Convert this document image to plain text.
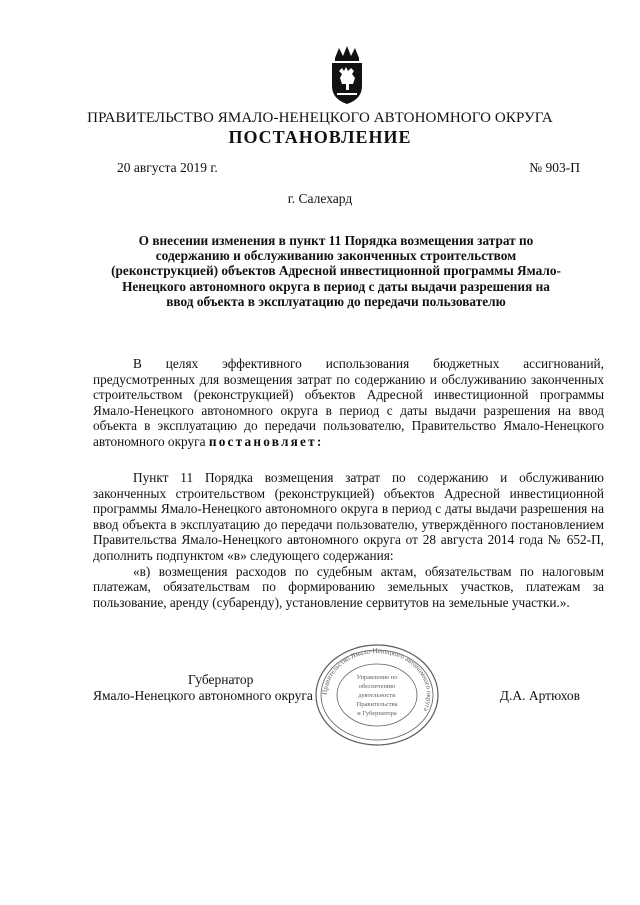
ПРАВИТЕЛЬСТВО ЯМАЛО-НЕНЕЦКОГО АВТОНОМНОГО ОКРУГА
ПОСТАНОВЛЕНИЕ
20 августа 2019 г.	№ 903-П
г. Салехард
О внесении изменения в пункт 11 Порядка возмещения затрат по содержанию и обслуживанию законченных строительством (реконструкцией) объектов Адресной инвестиционной программы Ямало-Ненецкого автономного округа в период с даты выдачи разрешения на ввод объекта в эксплуатацию до передачи пользователю

В целях эффективного использования бюджетных ассигнований, предусмотренных для возмещения затрат по содержанию и обслуживанию законченных строительством (реконструкцией) объектов Адресной инвестиционной программы Ямало-Ненецкого автономного округа в период с даты выдачи разрешения на ввод объекта в эксплуатацию до передачи пользователю, Правительство Ямало-Ненецкого автономного округа постановляет:

Пункт 11 Порядка возмещения затрат по содержанию и обслуживанию законченных строительством (реконструкцией) объектов Адресной инвестиционной программы Ямало-Ненецкого автономного округа в период с даты выдачи разрешения на ввод объекта в эксплуатацию до передачи пользователю, утверждённого постановлением Правительства Ямало-Ненецкого автономного округа от 28 августа 2014 года № 652-П, дополнить подпунктом «в» следующего содержания:

«в) возмещения расходов по судебным актам, обязательствам по налоговым платежам, обязательствам по формированию земельных участков, платежам за пользование, аренду (субаренду), установление сервитутов на земельные участки.».

Губернатор
Ямало-Ненецкого автономного округа	Д.А. Артюхов
Правительство Ямало-Ненецкого автономного округа
Управление по
обеспечению
деятельности
Правительства
и Губернатора
